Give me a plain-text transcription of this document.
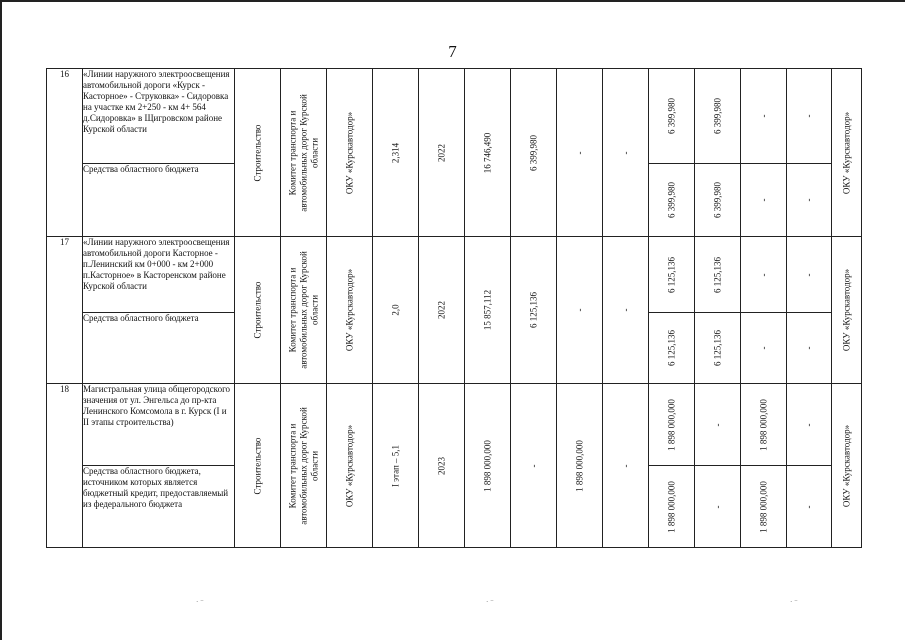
7
16	«Линии наружного электроосвещения автомобильной дороги «Курск - Касторное» - Струковка» - Сидоровка на участке км 2+250 - км 4+ 564 д.Сидоровка» в Щигровском районе Курской области	Строительство	Комитет транспорта и автомобильных дорог Курской области	ОКУ «Курскавтодор»	2,314	2022	16 746,490	6 399,980	-	-	6 399,980	6 399,980	-	-	ОКУ «Курскавтодор»

	Средства областного бюджета										6 399,980	6 399,980	-	-	

17	«Линии наружного электроосвещения автомобильной дороги Касторное - п.Ленинский км 0+000 - км 2+000 п.Касторное» в Касторенском районе Курской области	Строительство	Комитет транспорта и автомобильных дорог Курской области	ОКУ «Курскавтодор»	2,0	2022	15 857,112	6 125,136	-	-	6 125,136	6 125,136	-	-	ОКУ «Курскавтодор»

	Средства областного бюджета										6 125,136	6 125,136	-	-	

18	Магистральная улица общегородского значения от ул. Энгельса до пр-кта Ленинского Комсомола в г. Курск (I и II этапы строительства)	Строительство	Комитет транспорта и автомобильных дорог Курской области	ОКУ «Курскавтодор»	I этап – 5,1	2023	1 898 000,000	-	1 898 000,000	-	1 898 000,000	-	1 898 000,000	-	ОКУ «Курскавтодор»

	Средства областного бюджета, источником которых является бюджетный кредит, предоставляемый из федерального бюджета										1 898 000,000	-	1 898 000,000	-	
· ⁻	· ⁻	· ⁻
